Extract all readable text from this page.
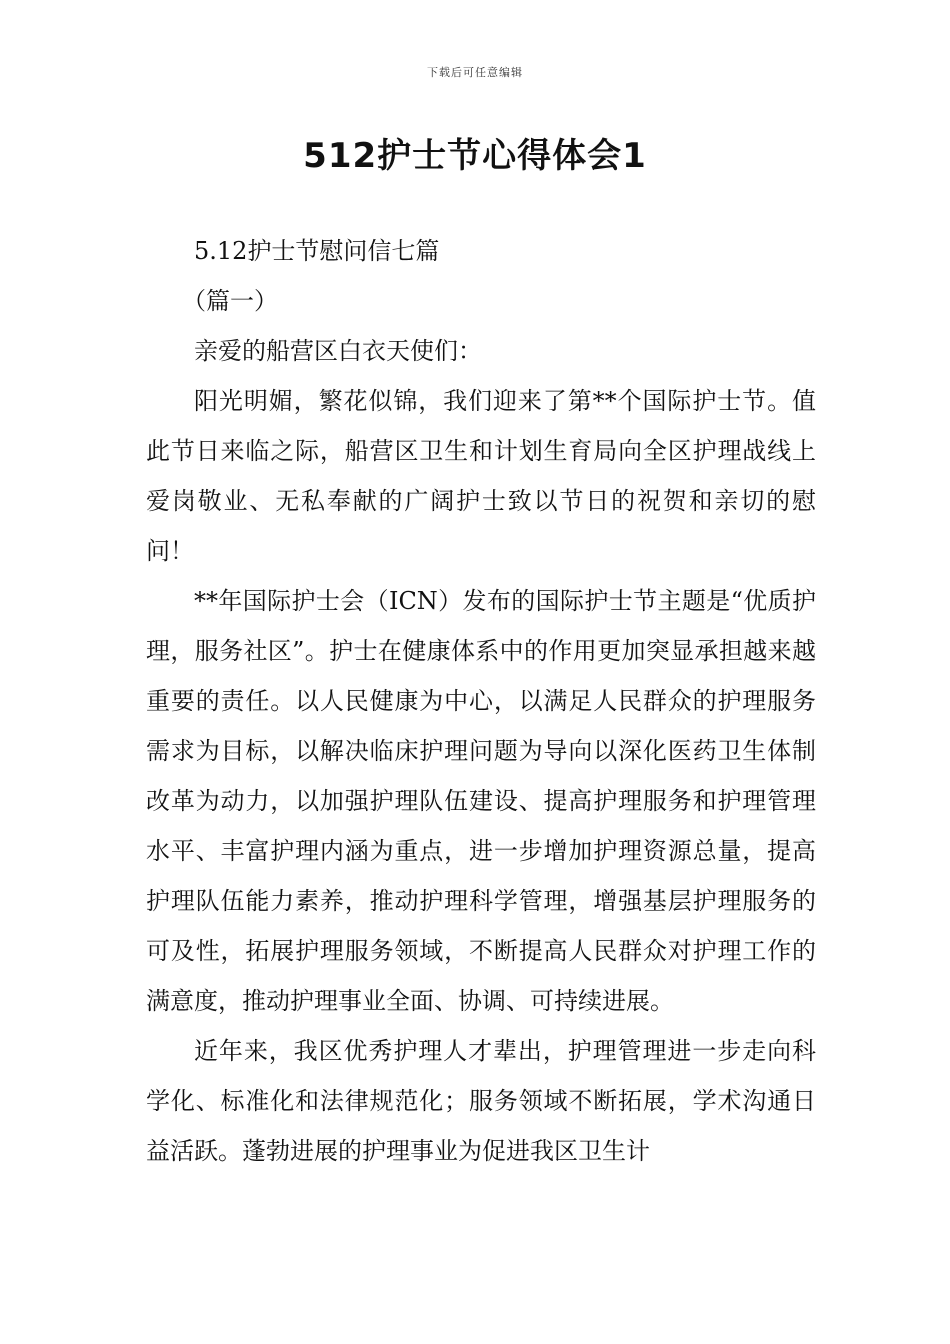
下载后可任意编辑
512护士节心得体会1

5.12护士节慰问信七篇

（篇一）

亲爱的船营区白衣天使们：

阳光明媚，繁花似锦，我们迎来了第**个国际护士节。值此节日来临之际，船营区卫生和计划生育局向全区护理战线上爱岗敬业、无私奉献的广阔护士致以节日的祝贺和亲切的慰问！

**年国际护士会（ICN）发布的国际护士节主题是“优质护理，服务社区”。护士在健康体系中的作用更加突显承担越来越重要的责任。以人民健康为中心，以满足人民群众的护理服务需求为目标，以解决临床护理问题为导向以深化医药卫生体制改革为动力，以加强护理队伍建设、提高护理服务和护理管理水平、丰富护理内涵为重点，进一步增加护理资源总量，提高护理队伍能力素养，推动护理科学管理，增强基层护理服务的可及性，拓展护理服务领域，不断提高人民群众对护理工作的满意度，推动护理事业全面、协调、可持续进展。

近年来，我区优秀护理人才辈出，护理管理进一步走向科学化、标准化和法律规范化；服务领域不断拓展，学术沟通日益活跃。蓬勃进展的护理事业为促进我区卫生计
